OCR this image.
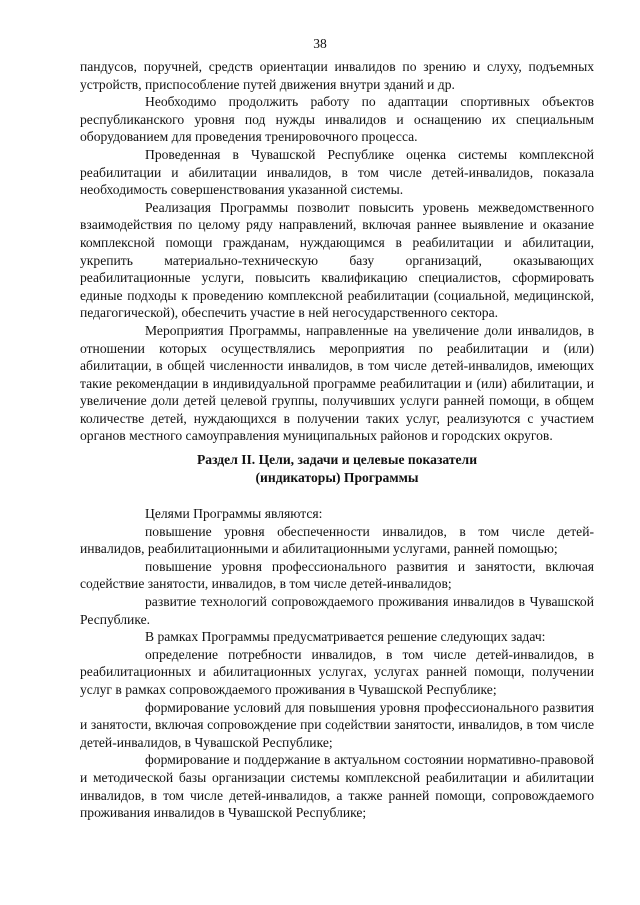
38

пандусов, поручней, средств ориентации инвалидов по зрению и слуху, подъемных устройств, приспособление путей движения внутри зданий и др.

Необходимо продолжить работу по адаптации спортивных объектов республиканского уровня под нужды инвалидов и оснащению их специальным оборудованием для проведения тренировочного процесса.

Проведенная в Чувашской Республике оценка системы комплексной реабилитации и абилитации инвалидов, в том числе детей-инвалидов, показала необходимость совершенствования указанной системы.

Реализация Программы позволит повысить уровень межведомственного взаимодействия по целому ряду направлений, включая раннее выявление и оказание комплексной помощи гражданам, нуждающимся в реабилитации и абилитации, укрепить материально-техническую базу организаций, оказывающих реабилитационные услуги, повысить квалификацию специалистов, сформировать единые подходы к проведению комплексной реабилитации (социальной, медицинской, педагогической), обеспечить участие в ней негосударственного сектора.

Мероприятия Программы, направленные на увеличение доли инвалидов, в отношении которых осуществлялись мероприятия по реабилитации и (или) абилитации, в общей численности инвалидов, в том числе детей-инвалидов, имеющих такие рекомендации в индивидуальной программе реабилитации и (или) абилитации, и увеличение доли детей целевой группы, получивших услуги ранней помощи, в общем количестве детей, нуждающихся в получении таких услуг, реализуются с участием органов местного самоуправления муниципальных районов и городских округов.

Раздел II. Цели, задачи и целевые показатели

(индикаторы) Программы

Целями Программы являются:

повышение уровня обеспеченности инвалидов, в том числе детей-инвалидов, реабилитационными и абилитационными услугами, ранней помощью;

повышение уровня профессионального развития и занятости, включая содействие занятости, инвалидов, в том числе детей-инвалидов;

развитие технологий сопровождаемого проживания инвалидов в Чувашской Республике.

В рамках Программы предусматривается решение следующих задач:

определение потребности инвалидов, в том числе детей-инвалидов, в реабилитационных и абилитационных услугах, услугах ранней помощи, получении услуг в рамках сопровождаемого проживания в Чувашской Республике;

формирование условий для повышения уровня профессионального развития и занятости, включая сопровождение при содействии занятости, инвалидов, в том числе детей-инвалидов, в Чувашской Республике;

формирование и поддержание в актуальном состоянии нормативно-правовой и методической базы организации системы комплексной реабилитации и абилитации инвалидов, в том числе детей-инвалидов, а также ранней помощи, сопровождаемого проживания инвалидов в Чувашской Республике;
